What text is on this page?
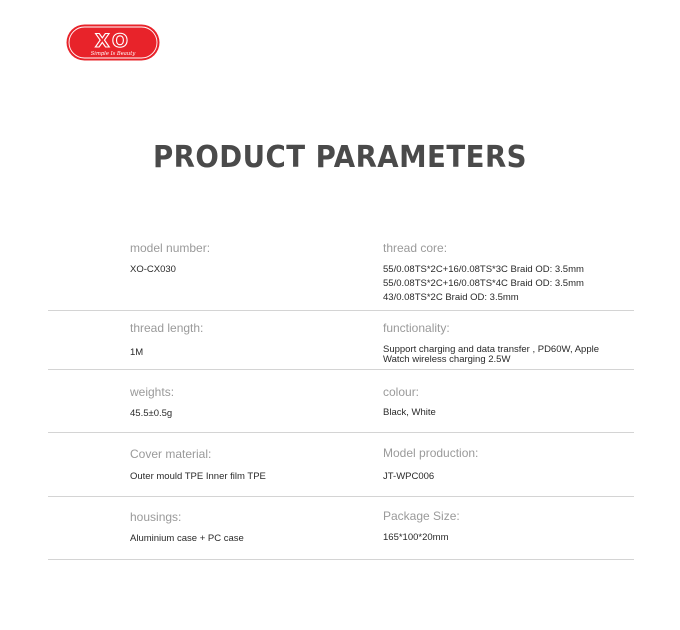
XO
Simple Is Beauty
PRODUCT PARAMETERS
model number:
XO-CX030
thread core:
55/0.08TS*2C+16/0.08TS*3C Braid OD: 3.5mm
55/0.08TS*2C+16/0.08TS*4C Braid OD: 3.5mm
43/0.08TS*2C Braid OD: 3.5mm
thread length:
1M
functionality:
Support charging and data transfer , PD60W, Apple
Watch wireless charging 2.5W
weights:
45.5±0.5g
colour:
Black, White
Cover material:
Outer mould TPE Inner film TPE
Model production:
JT-WPC006
housings:
Aluminium case + PC case
Package Size:
165*100*20mm
